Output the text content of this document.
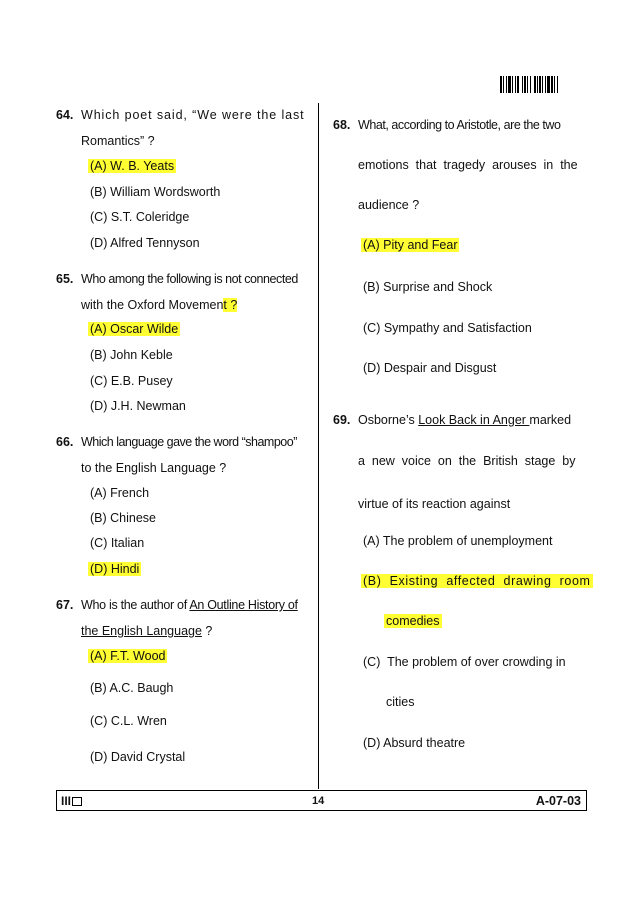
64. Which poet said, “We were the last
Romantics” ?
(A) W. B. Yeats
(B) William Wordsworth
(C) S.T. Coleridge
(D) Alfred Tennyson
65. Who among the following is not connected
with the Oxford Movement ?
(A) Oscar Wilde
(B) John Keble
(C) E.B. Pusey
(D) J.H. Newman
66. Which language gave the word “shampoo”
to the English Language ?
(A) French
(B) Chinese
(C) Italian
(D) Hindi
67. Who is the author of An Outline History of
the English Language ?
(A) F.T. Wood
(B) A.C. Baugh
(C) C.L. Wren
(D) David Crystal
68. What, according to Aristotle, are the two
emotions  that  tragedy  arouses  in  the
audience ?
(A) Pity and Fear
(B) Surprise and Shock
(C) Sympathy and Satisfaction
(D) Despair and Disgust
69. Osborne’s Look Back in Anger marked
a  new  voice  on  the  British  stage  by
virtue of its reaction against
(A) The problem of unemployment
(B)  Existing  affected  drawing  room
comedies
(C)  The problem of over crowding in
cities
(D) Absurd theatre
III	14	A-07-03
